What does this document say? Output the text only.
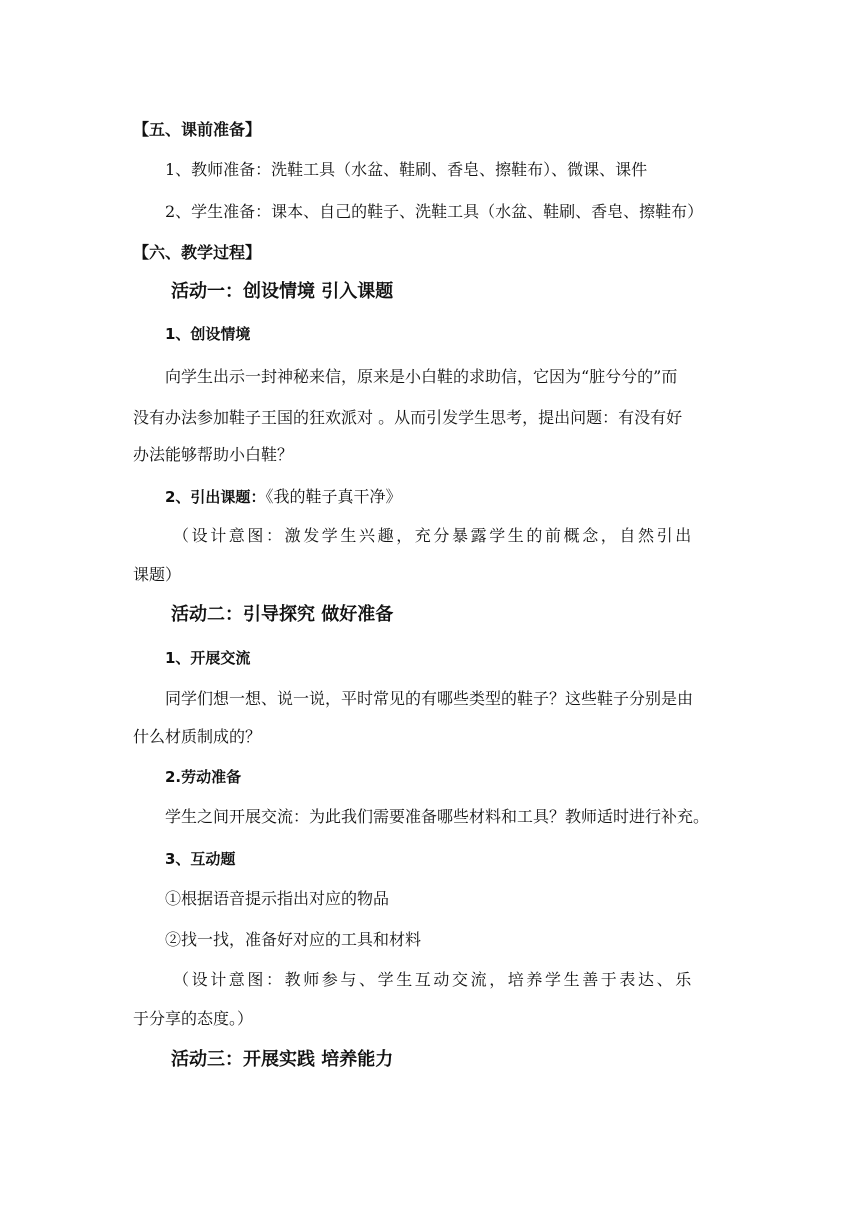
【五、课前准备】
1、教师准备：洗鞋工具（水盆、鞋刷、香皂、擦鞋布）、微课、课件
2、学生准备：课本、自己的鞋子、洗鞋工具（水盆、鞋刷、香皂、擦鞋布）
【六、教学过程】
活动一：创设情境 引入课题
1、创设情境
向学生出示一封神秘来信，原来是小白鞋的求助信，它因为“脏兮兮的”而
没有办法参加鞋子王国的狂欢派对 。从而引发学生思考，提出问题：有没有好
办法能够帮助小白鞋？
2、引出课题：《我的鞋子真干净》
（设计意图：激发学生兴趣，充分暴露学生的前概念，自然引出
课题）
活动二：引导探究 做好准备
1、开展交流
同学们想一想、说一说，平时常见的有哪些类型的鞋子？这些鞋子分别是由
什么材质制成的？
2.劳动准备
学生之间开展交流：为此我们需要准备哪些材料和工具？教师适时进行补充。
3、互动题
①根据语音提示指出对应的物品
②找一找，准备好对应的工具和材料
（设计意图：教师参与、学生互动交流，培养学生善于表达、乐
于分享的态度。）
活动三：开展实践 培养能力
